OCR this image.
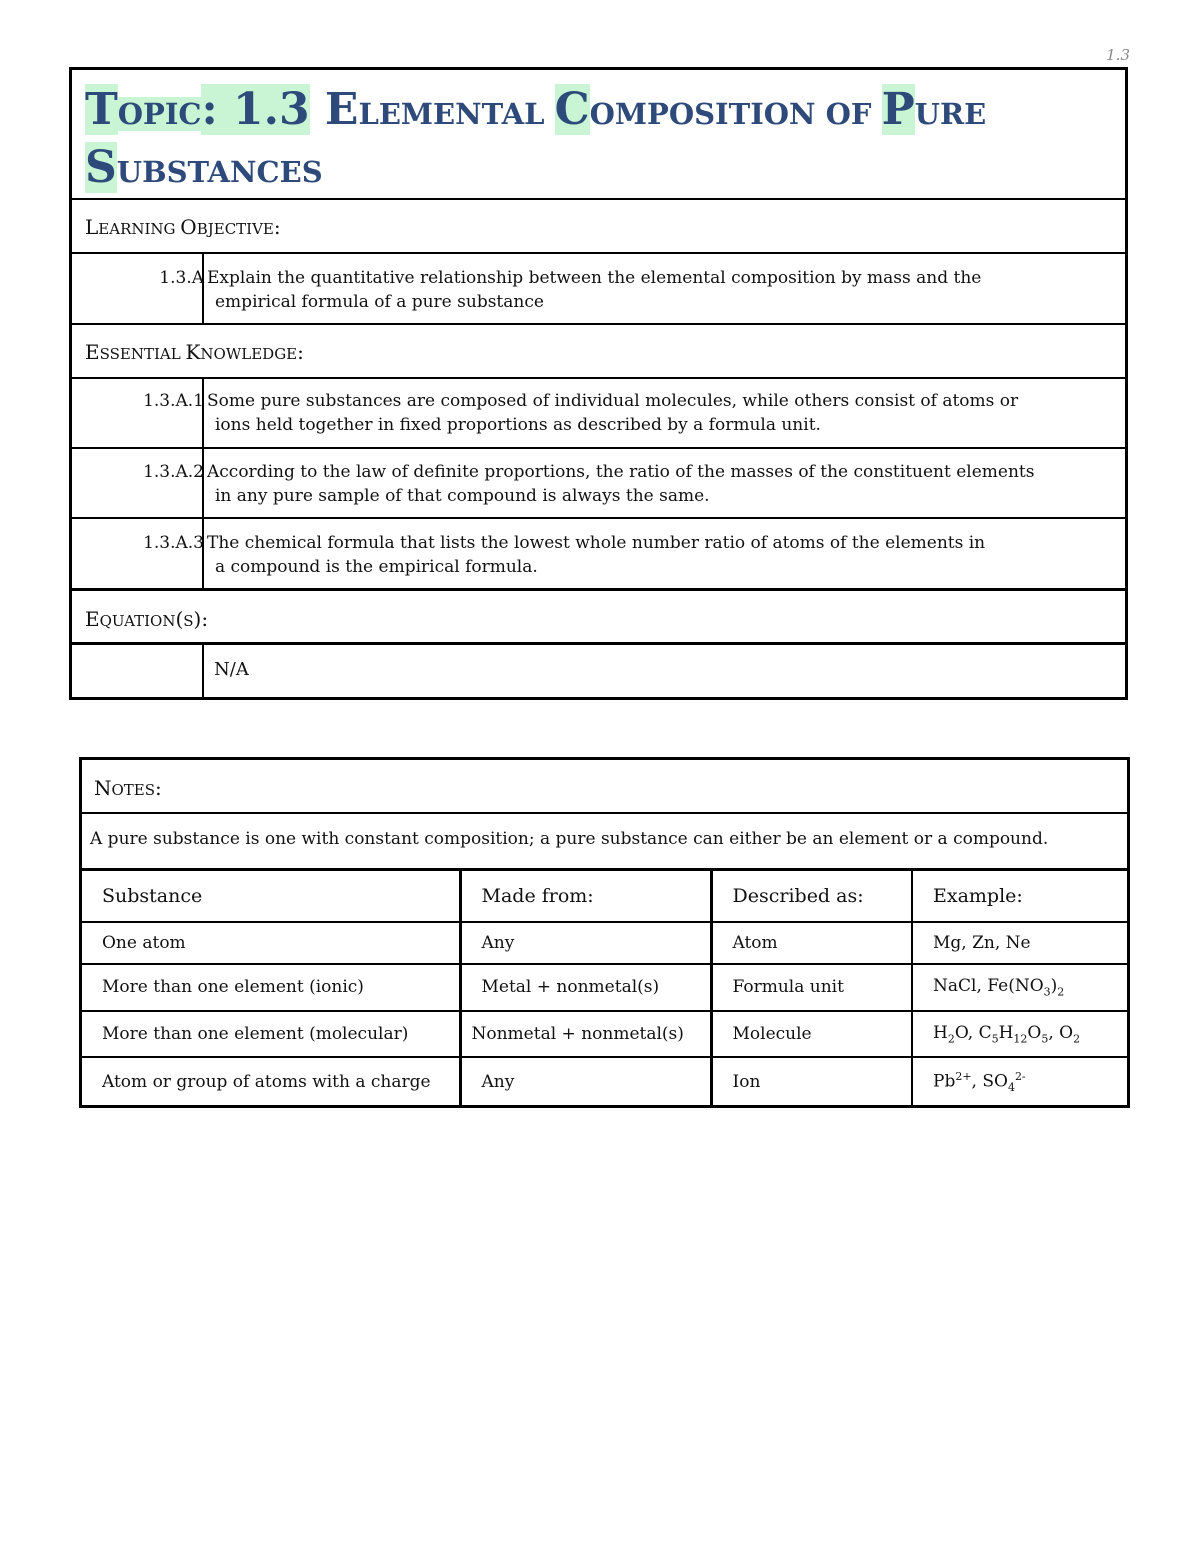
1.3
TOPIC: 1.3 ELEMENTAL COMPOSITION OF PURE
SUBSTANCES
LEARNING OBJECTIVE:
1.3.A Explain the quantitative relationship between the elemental composition by mass and the
empirical formula of a pure substance
ESSENTIAL KNOWLEDGE:
1.3.A.1 Some pure substances are composed of individual molecules, while others consist of atoms or
ions held together in fixed proportions as described by a formula unit.
1.3.A.2 According to the law of definite proportions, the ratio of the masses of the constituent elements
in any pure sample of that compound is always the same.
1.3.A.3 The chemical formula that lists the lowest whole number ratio of atoms of the elements in
a compound is the empirical formula.
EQUATION(S):
N/A
NOTES:
A pure substance is one with constant composition; a pure substance can either be an element or a compound.
Substance	Made from:	Described as:	Example:
One atom	Any	Atom	Mg, Zn, Ne
More than one element (ionic)	Metal + nonmetal(s)	Formula unit	NaCl, $Fe(NO_3)_2$
More than one element (molecular)	Nonmetal + nonmetal(s)	Molecule	$H_2O$, $C_5H_{12}O_5$, $O_2$
Atom or group of atoms with a charge	Any	Ion	$Pb^{2+}$, $SO_4^{2-}$
